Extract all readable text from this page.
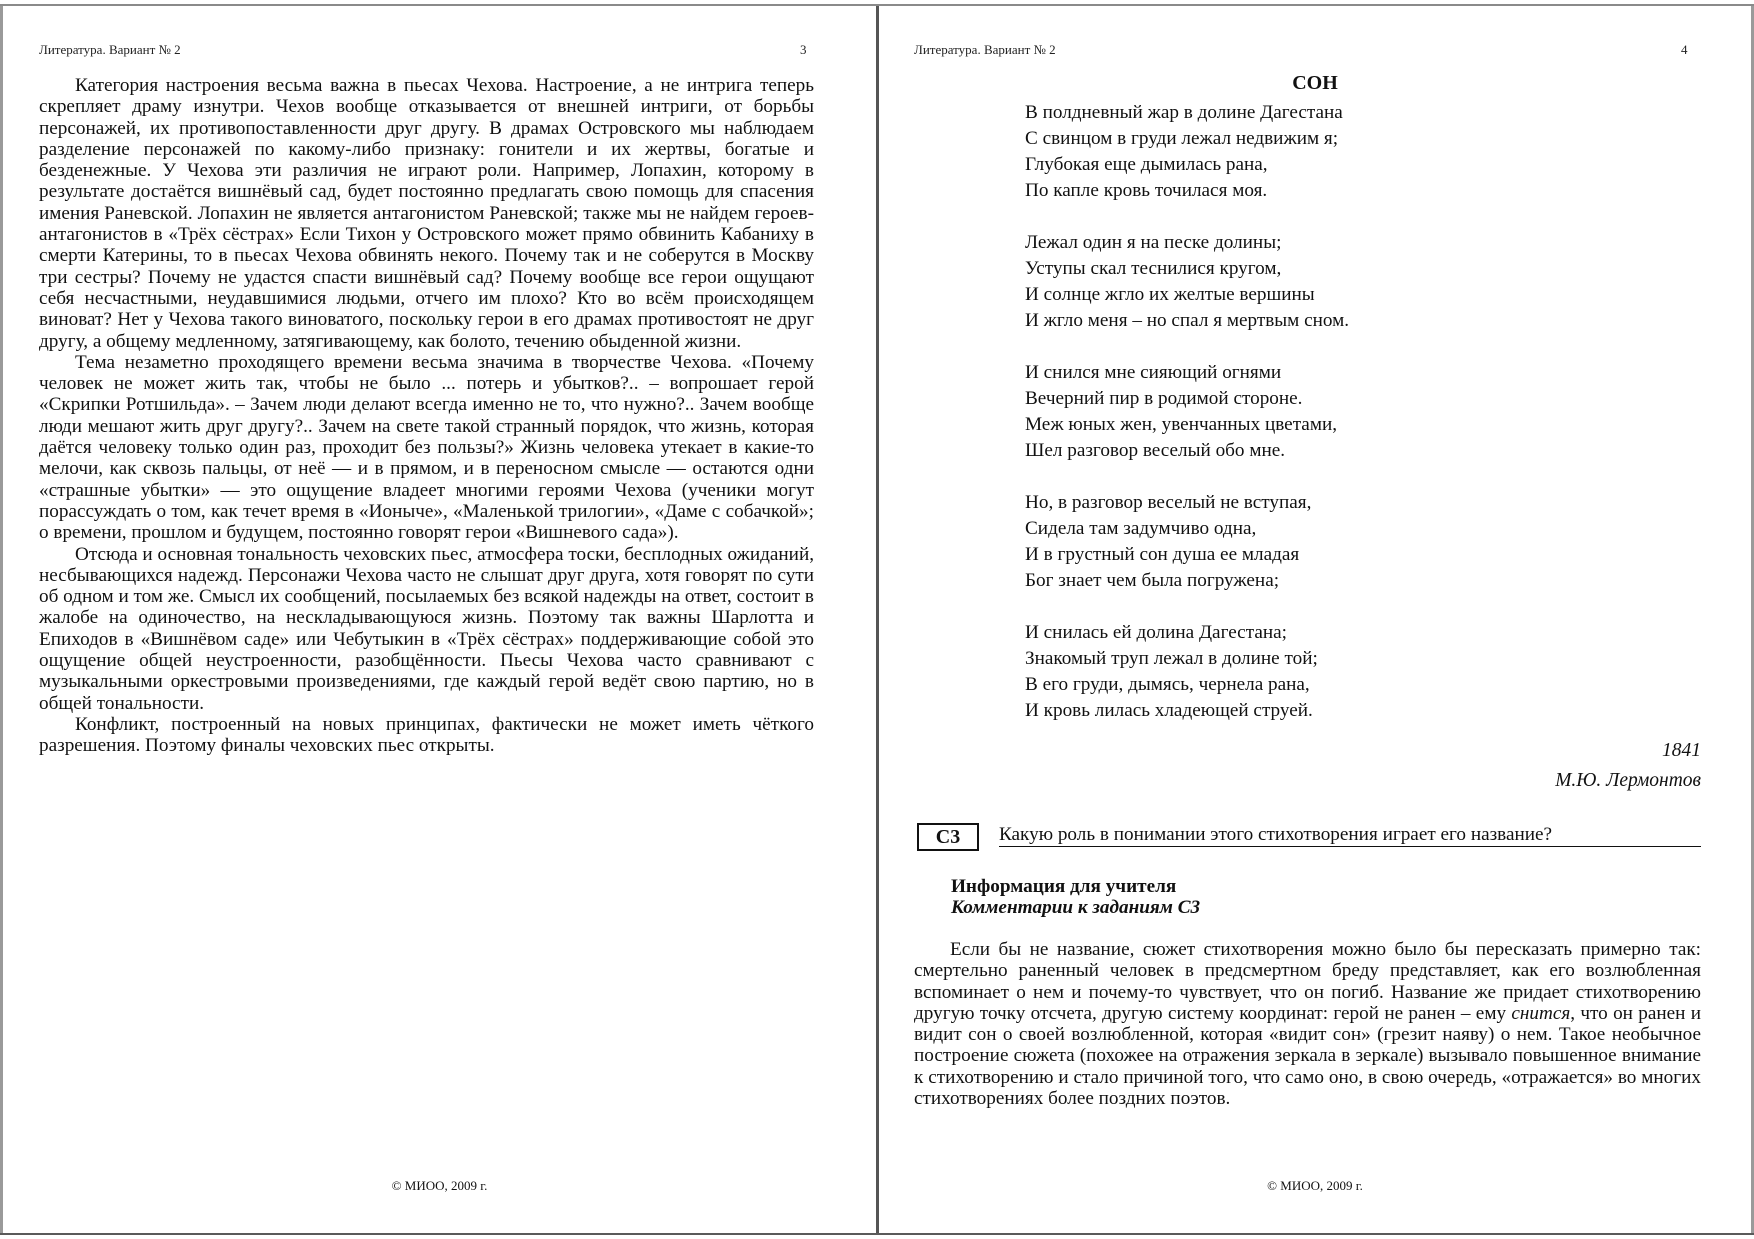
Литература. Вариант № 2	3

Категория настроения весьма важна в пьесах Чехова. Настроение, а не интрига теперь скрепляет драму изнутри. Чехов вообще отказывается от внешней интриги, от борьбы персонажей, их противопоставленности друг другу. В драмах Островского мы наблюдаем разделение персонажей по какому-либо признаку: гонители и их жертвы, богатые и безденежные. У Чехова эти различия не играют роли. Например, Лопахин, которому в результате достаётся вишнёвый сад, будет постоянно предлагать свою помощь для спасения имения Раневской. Лопахин не является антагонистом Раневской; также мы не найдем героев-антагонистов в «Трёх сёстрах» Если Тихон у Островского может прямо обвинить Кабаниху в смерти Катерины, то в пьесах Чехова обвинять некого. Почему так и не соберутся в Москву три сестры? Почему не удастся спасти вишнёвый сад? Почему вообще все герои ощущают себя несчастными, неудавшимися людьми, отчего им плохо? Кто во всём происходящем виноват? Нет у Чехова такого виноватого, поскольку герои в его драмах противостоят не друг другу, а общему медленному, затягивающему, как болото, течению обыденной жизни.

Тема незаметно проходящего времени весьма значима в творчестве Чехова. «Почему человек не может жить так, чтобы не было ... потерь и убытков?.. – вопрошает герой «Скрипки Ротшильда». – Зачем люди делают всегда именно не то, что нужно?.. Зачем вообще люди мешают жить друг другу?.. Зачем на свете такой странный порядок, что жизнь, которая даётся человеку только один раз, проходит без пользы?» Жизнь человека утекает в какие-то мелочи, как сквозь пальцы, от неё — и в прямом, и в переносном смысле — остаются одни «страшные убытки» — это ощущение владеет многими героями Чехова (ученики могут порассуждать о том, как течет время в «Ионыче», «Маленькой трилогии», «Даме с собачкой»; о времени, прошлом и будущем, постоянно говорят герои «Вишневого сада»).

Отсюда и основная тональность чеховских пьес, атмосфера тоски, бесплодных ожиданий, несбывающихся надежд. Персонажи Чехова часто не слышат друг друга, хотя говорят по сути об одном и том же. Смысл их сообщений, посылаемых без всякой надежды на ответ, состоит в жалобе на одиночество, на нескладывающуюся жизнь. Поэтому так важны Шарлотта и Епиходов в «Вишнёвом саде» или Чебутыкин в «Трёх сёстрах» поддерживающие собой это ощущение общей неустроенности, разобщённости. Пьесы Чехова часто сравнивают с музыкальными оркестровыми произведениями, где каждый герой ведёт свою партию, но в общей тональности.

Конфликт, построенный на новых принципах, фактически не может иметь чёткого разрешения. Поэтому финалы чеховских пьес открыты.

© МИОО, 2009 г.
Литература. Вариант № 2	4
СОН
В полдневный жар в долине Дагестана
С свинцом в груди лежал недвижим я;
Глубокая еще дымилась рана,
По капле кровь точилася моя.
Лежал один я на песке долины;
Уступы скал теснилися кругом,
И солнце жгло их желтые вершины
И жгло меня – но спал я мертвым сном.
И снился мне сияющий огнями
Вечерний пир в родимой стороне.
Меж юных жен, увенчанных цветами,
Шел разговор веселый обо мне.
Но, в разговор веселый не вступая,
Сидела там задумчиво одна,
И в грустный сон душа ее младая
Бог знает чем была погружена;
И снилась ей долина Дагестана;
Знакомый труп лежал в долине той;
В его груди, дымясь, чернела рана,
И кровь лилась хладеющей струей.
1841
М.Ю. Лермонтов
С3	Какую роль в понимании этого стихотворения играет его название?
Информация для учителя
Комментарии к заданиям С3

Если бы не название, сюжет стихотворения можно было бы пересказать примерно так: смертельно раненный человек в предсмертном бреду представляет, как его возлюбленная вспоминает о нем и почему-то чувствует, что он погиб. Название же придает стихотворению другую точку отсчета, другую систему координат: герой не ранен – ему снится, что он ранен и видит сон о своей возлюбленной, которая «видит сон» (грезит наяву) о нем. Такое необычное построение сюжета (похожее на отражения зеркала в зеркале) вызывало повышенное внимание к стихотворению и стало причиной того, что само оно, в свою очередь, «отражается» во многих стихотворениях более поздних поэтов.

© МИОО, 2009 г.
